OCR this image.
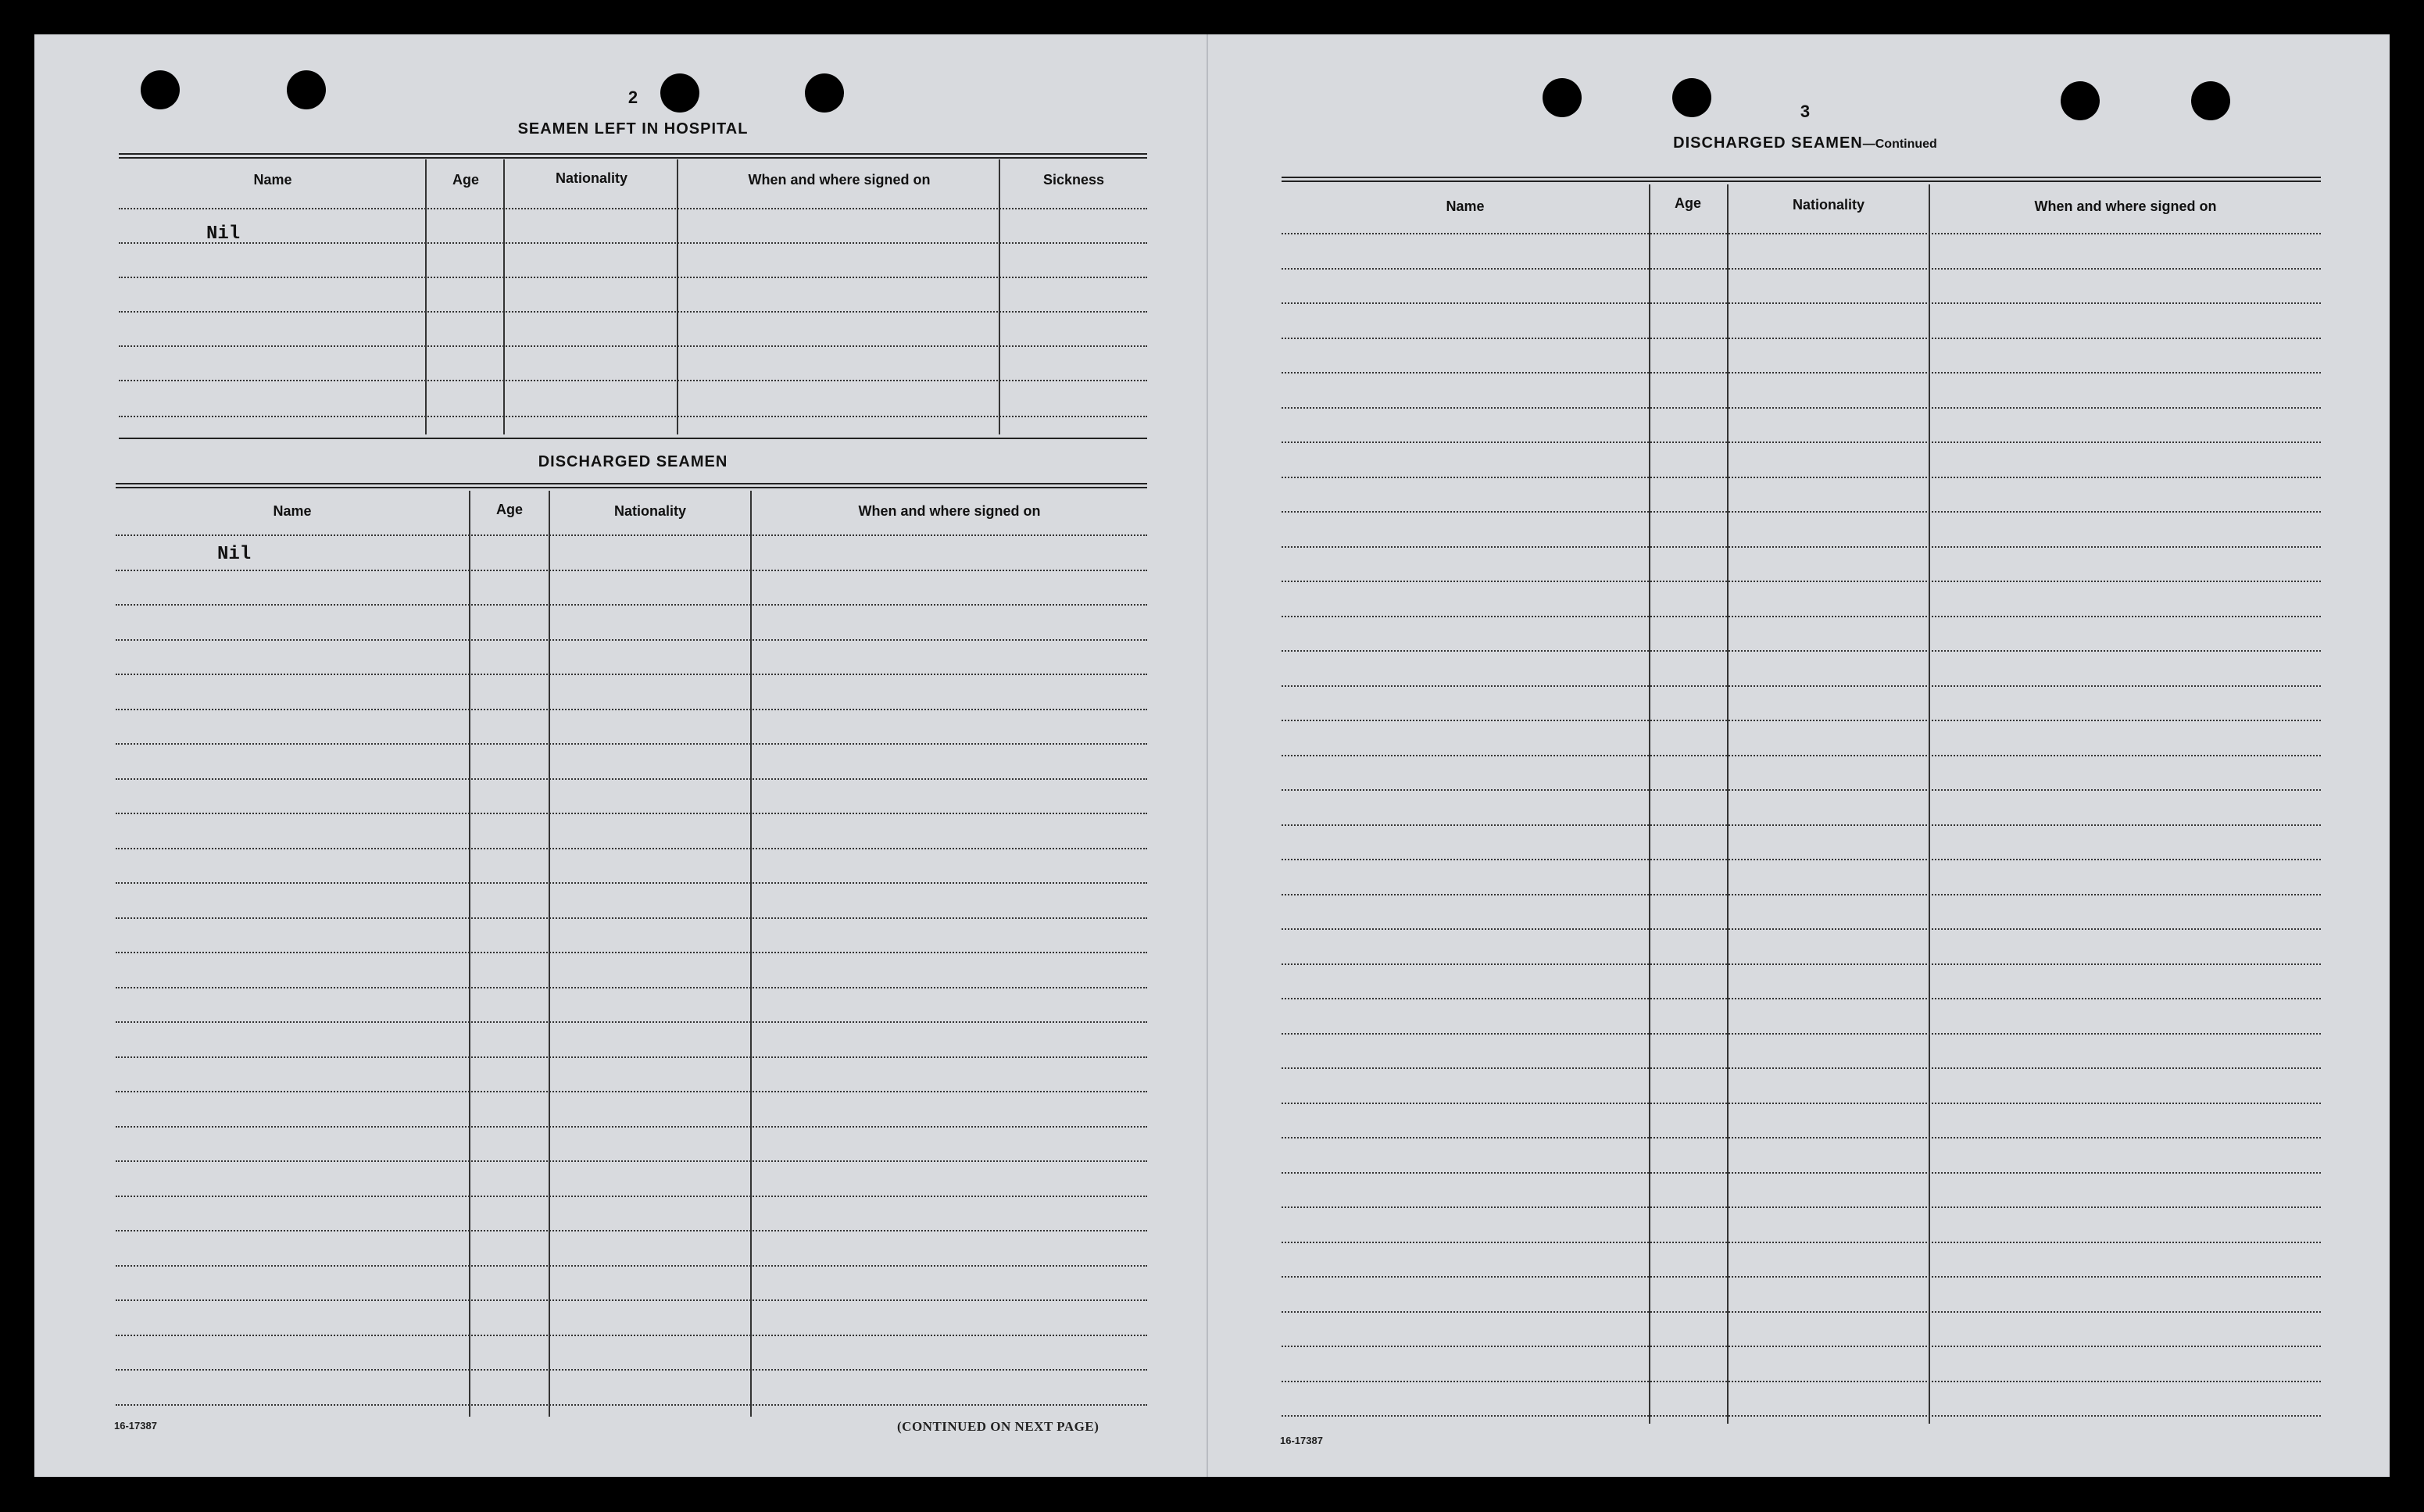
2
SEAMEN LEFT IN HOSPITAL
Name	Age	Nationality	When and where signed on	Sickness
Nil
DISCHARGED SEAMEN
Name	Age	Nationality	When and where signed on
Nil
16-17387	(CONTINUED ON NEXT PAGE)
3
DISCHARGED SEAMEN—Continued
Name	Age	Nationality	When and where signed on
16-17387
